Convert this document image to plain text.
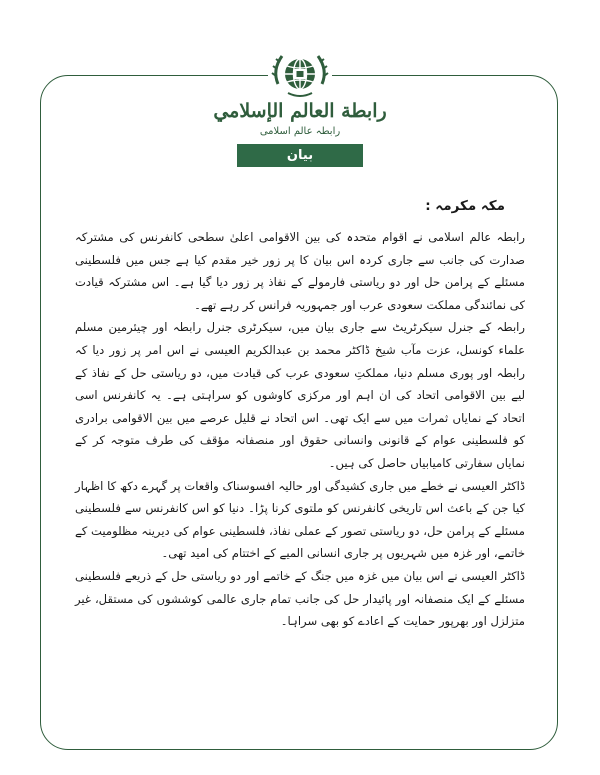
رابطة العالم الإسلامي
رابطہ عالم اسلامی
بیان
مکہ مکرمہ :

رابطہ عالم اسلامی نے اقوام متحدہ کی بین الاقوامی اعلیٰ سطحی کانفرنس کی مشترکہ صدارت کی جانب سے جاری کردہ اس بیان کا پر زور خیر مقدم کیا ہے جس میں فلسطینی مسئلے کے پرامن حل اور دو ریاستی فارمولے کے نفاذ پر زور دیا گیا ہے۔ اس مشترکہ قیادت کی نمائندگی مملکت سعودی عرب اور جمہوریہ فرانس کر رہے تھے۔

رابطہ کے جنرل سیکرٹریٹ سے جاری بیان میں، سیکرٹری جنرل رابطہ اور چیئرمین مسلم علماء کونسل، عزت مآب شیخ ڈاکٹر محمد بن عبدالکریم العیسی نے اس امر پر زور دیا کہ رابطہ اور پوری مسلم دنیا، مملکتِ سعودی عرب کی قیادت میں، دو ریاستی حل کے نفاذ کے لیے بین الاقوامی اتحاد کی ان اہم اور مرکزی کاوشوں کو سراہتی ہے۔ یہ کانفرنس اسی اتحاد کے نمایاں ثمرات میں سے ایک تھی۔ اس اتحاد نے قلیل عرصے میں بین الاقوامی برادری کو فلسطینی عوام کے قانونی وانسانی حقوق اور منصفانہ مؤقف کی طرف متوجہ کر کے نمایاں سفارتی کامیابیاں حاصل کی ہیں۔

ڈاکٹر العیسی نے خطے میں جاری کشیدگی اور حالیہ افسوسناک واقعات پر گہرے دکھ کا اظہار کیا جن کے باعث اس تاریخی کانفرنس کو ملتوی کرنا پڑا۔ دنیا کو اس کانفرنس سے فلسطینی مسئلے کے پرامن حل، دو ریاستی تصور کے عملی نفاذ، فلسطینی عوام کی دیرینہ مظلومیت کے خاتمے، اور غزہ میں شہریوں پر جاری انسانی المیے کے اختتام کی امید تھی۔

ڈاکٹر العیسی نے اس بیان میں غزہ میں جنگ کے خاتمے اور دو ریاستی حل کے ذریعے فلسطینی مسئلے کے ایک منصفانہ اور پائیدار حل کی جانب تمام جاری عالمی کوششوں کی مستقل، غیر متزلزل اور بھرپور حمایت کے اعادے کو بھی سراہا۔
